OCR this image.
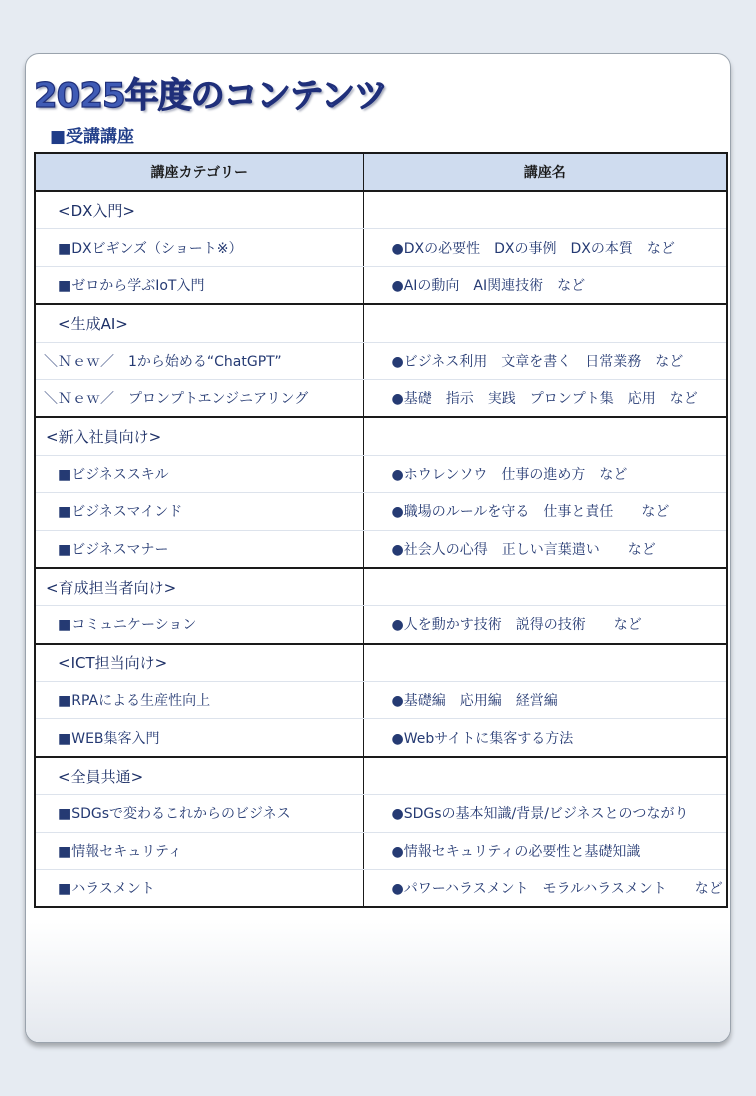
2025年度のコンテンツ
■受講講座
講座カテゴリー	講座名
<DX入門>	
■DXビギンズ（ショート※）	●DXの必要性　DXの事例　DXの本質　など
■ゼロから学ぶIoT入門	●AIの動向　AI関連技術　など
<生成AI>	
＼Ｎｅｗ／　1から始める“ChatGPT”	●ビジネス利用　文章を書く　日常業務　など
＼Ｎｅｗ／　プロンプトエンジニアリング	●基礎　指示　実践　プロンプト集　応用　など
<新入社員向け>	
■ビジネススキル	●ホウレンソウ　仕事の進め方　など
■ビジネスマインド	●職場のルールを守る　仕事と責任　　など
■ビジネスマナー	●社会人の心得　正しい言葉遣い　　など
<育成担当者向け>	
■コミュニケーション	●人を動かす技術　説得の技術　　など
<ICT担当向け>	
■RPAによる生産性向上	●基礎編　応用編　経営編
■WEB集客入門	●Webサイトに集客する方法
<全員共通>	
■SDGsで変わるこれからのビジネス	●SDGsの基本知識/背景/ビジネスとのつながり
■情報セキュリティ	●情報セキュリティの必要性と基礎知識
■ハラスメント	●パワーハラスメント　モラルハラスメント　　など
